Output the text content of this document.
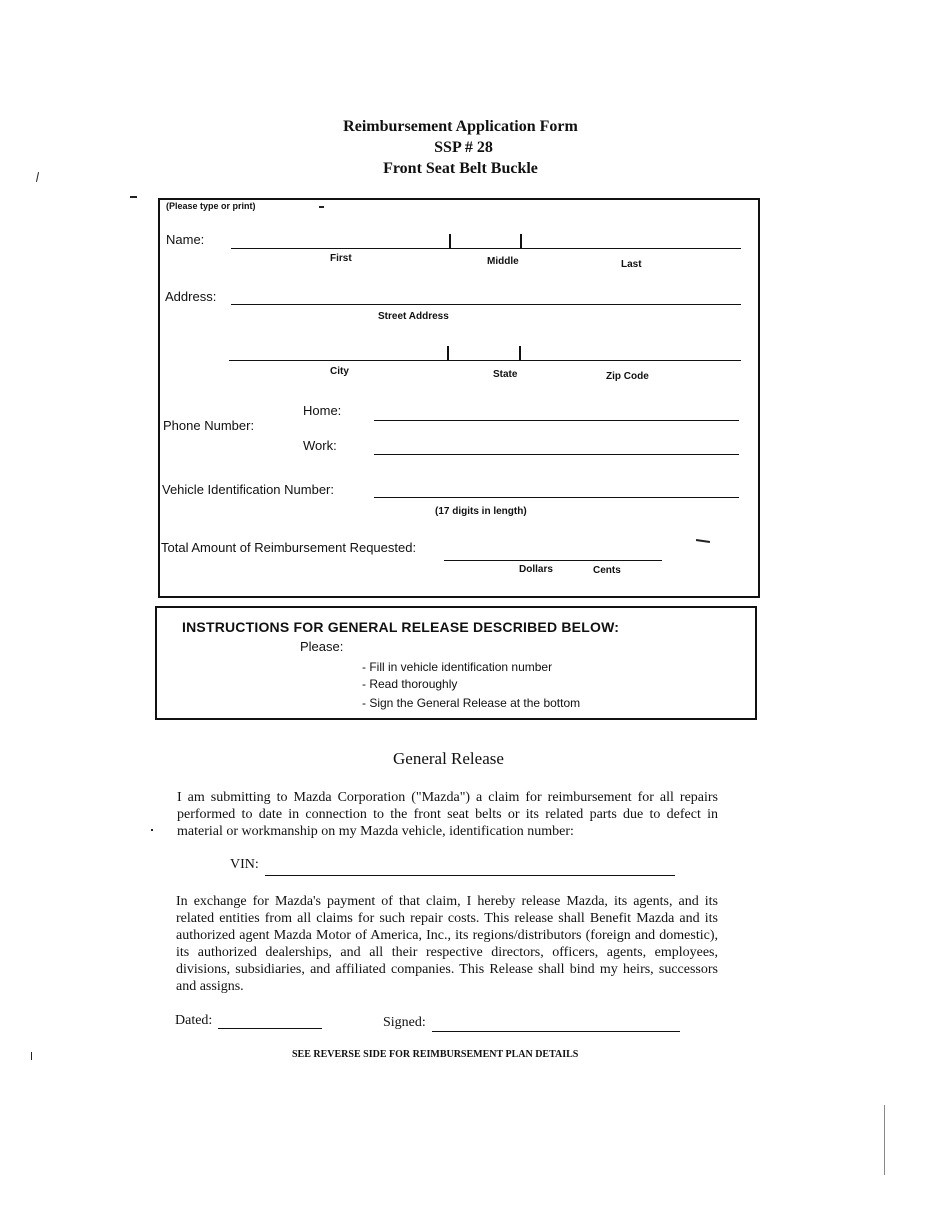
Reimbursement Application Form
SSP # 28
Front Seat Belt Buckle
(Please type or print)
Name:
First	Middle	Last
Address:
Street Address
City	State	Zip Code
Home:
Phone Number:
Work:
Vehicle Identification Number:
(17 digits in length)
Total Amount of Reimbursement Requested:
Dollars	Cents
INSTRUCTIONS FOR GENERAL RELEASE DESCRIBED BELOW:
Please:
- Fill in vehicle identification number
- Read thoroughly
- Sign the General Release at the bottom
General Release
I am submitting to Mazda Corporation ("Mazda") a claim for reimbursement for all repairs performed to date in connection to the front seat belts or its related parts due to defect in material or workmanship on my Mazda vehicle, identification number:
VIN:
In exchange for Mazda's payment of that claim, I hereby release Mazda, its agents, and its related entities from all claims for such repair costs. This release shall Benefit Mazda and its authorized agent Mazda Motor of America, Inc., its regions/distributors (foreign and domestic), its authorized dealerships, and all their respective directors, officers, agents, employees, divisions, subsidiaries, and affiliated companies. This Release shall bind my heirs, successors and assigns.
Dated:	Signed:
SEE REVERSE SIDE FOR REIMBURSEMENT PLAN DETAILS
